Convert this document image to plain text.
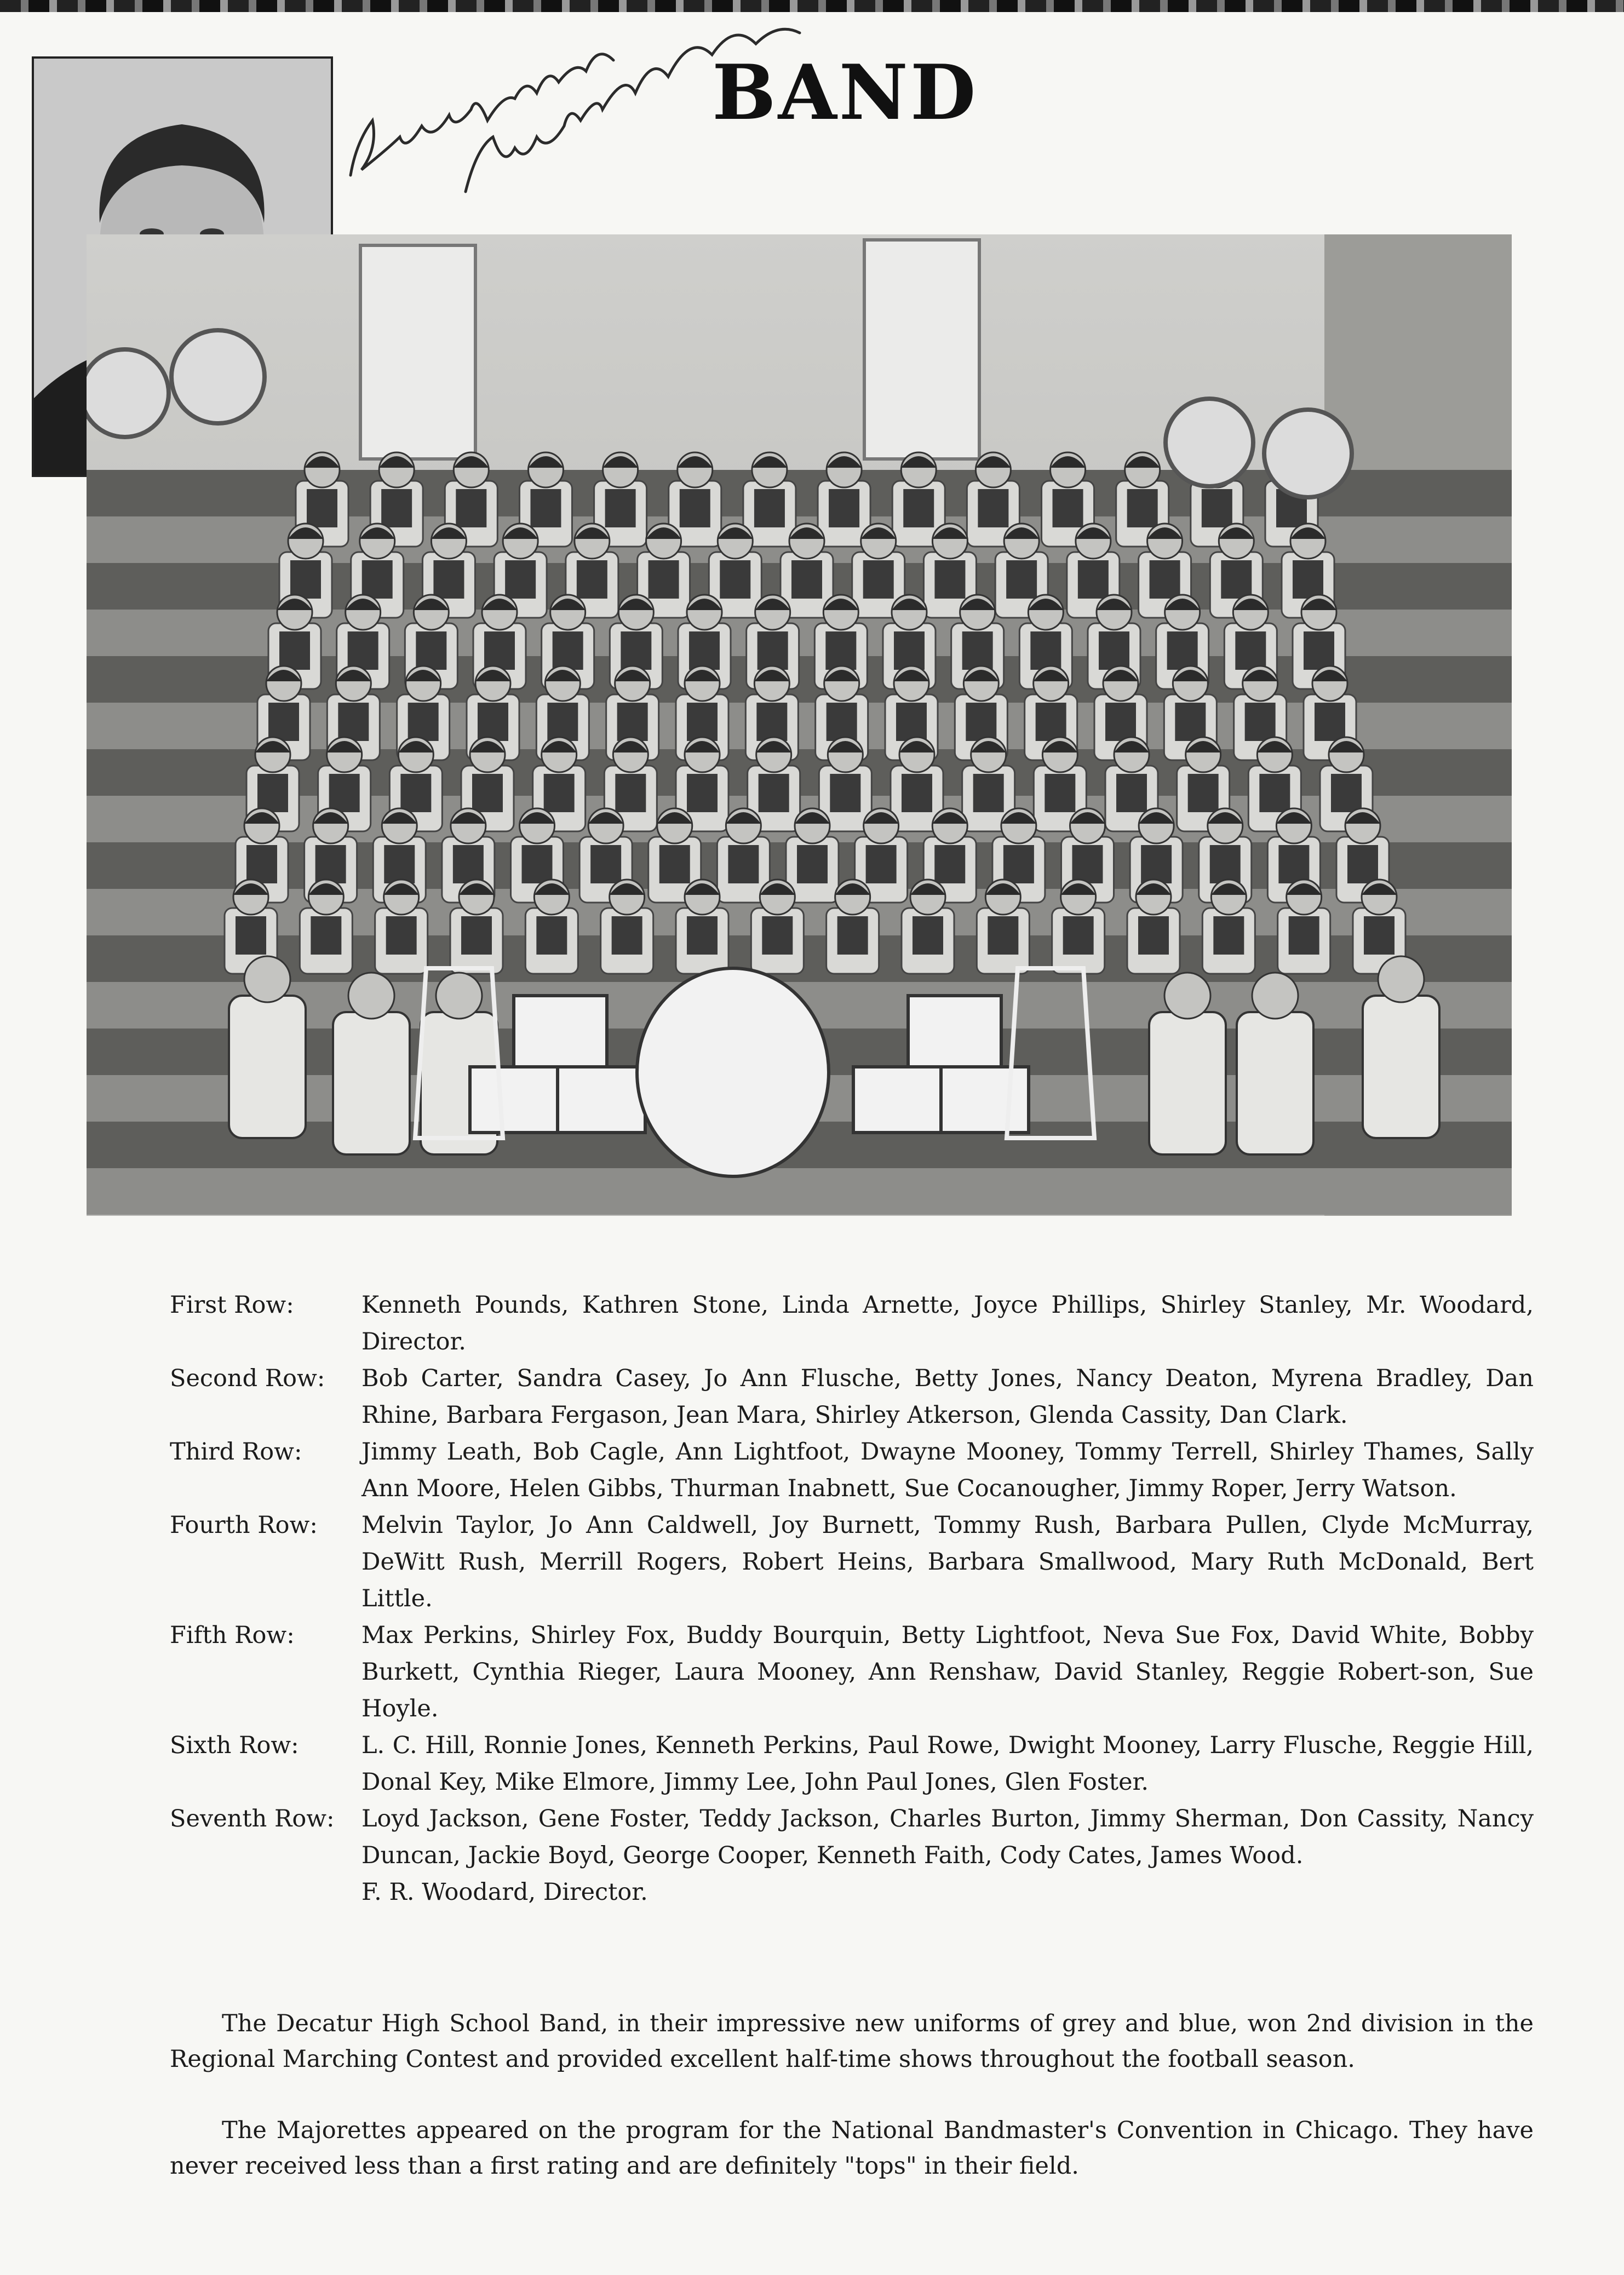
BAND
First Row:	Kenneth Pounds, Kathren Stone, Linda Arnette, Joyce Phillips, Shirley Stanley, Mr. Woodard, Director.
Second Row:	Bob Carter, Sandra Casey, Jo Ann Flusche, Betty Jones, Nancy Deaton, Myrena Bradley, Dan Rhine, Barbara Fergason, Jean Mara, Shirley Atkerson, Glenda Cassity, Dan Clark.
Third Row:	Jimmy Leath, Bob Cagle, Ann Lightfoot, Dwayne Mooney, Tommy Terrell, Shirley Thames, Sally Ann Moore, Helen Gibbs, Thurman Inabnett, Sue Cocanougher, Jimmy Roper, Jerry Watson.
Fourth Row:	Melvin Taylor, Jo Ann Caldwell, Joy Burnett, Tommy Rush, Barbara Pullen, Clyde McMurray, DeWitt Rush, Merrill Rogers, Robert Heins, Barbara Smallwood, Mary Ruth McDonald, Bert Little.
Fifth Row:	Max Perkins, Shirley Fox, Buddy Bourquin, Betty Lightfoot, Neva Sue Fox, David White, Bobby Burkett, Cynthia Rieger, Laura Mooney, Ann Renshaw, David Stanley, Reggie Robert-son, Sue Hoyle.
Sixth Row:	L. C. Hill, Ronnie Jones, Kenneth Perkins, Paul Rowe, Dwight Mooney, Larry Flusche, Reggie Hill, Donal Key, Mike Elmore, Jimmy Lee, John Paul Jones, Glen Foster.
Seventh Row:	Loyd Jackson, Gene Foster, Teddy Jackson, Charles Burton, Jimmy Sherman, Don Cassity, Nancy Duncan, Jackie Boyd, George Cooper, Kenneth Faith, Cody Cates, James Wood.
F. R. Woodard, Director.

The Decatur High School Band, in their impressive new uniforms of grey and blue, won 2nd division in the Regional Marching Contest and provided excellent half-time shows throughout the football season.

The Majorettes appeared on the program for the National Bandmaster's Convention in Chicago. They have never received less than a first rating and are definitely "tops" in their field.
